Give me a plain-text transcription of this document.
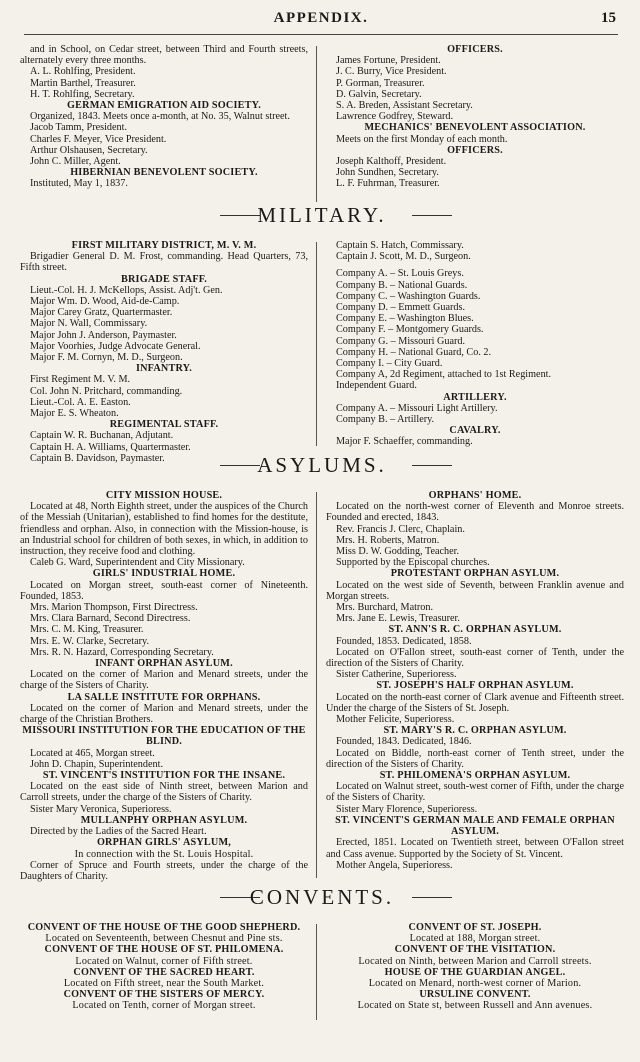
APPENDIX.	15
and in School, on Cedar street, between Third and Fourth streets, alternately every three months.
A. L. Rohlfing, President.
Martin Barthel, Treasurer.
H. T. Rohlfing, Secretary.
GERMAN EMIGRATION AID SOCIETY.
Organized, 1843. Meets once a-month, at No. 35, Walnut street.
Jacob Tamm, President.
Charles F. Meyer, Vice President.
Arthur Olshausen, Secretary.
John C. Miller, Agent.
HIBERNIAN BENEVOLENT SOCIETY.
Instituted, May 1, 1837.
OFFICERS.
James Fortune, President.
J. C. Burry, Vice President.
P. Gorman, Treasurer.
D. Galvin, Secretary.
S. A. Breden, Assistant Secretary.
Lawrence Godfrey, Steward.
MECHANICS' BENEVOLENT ASSOCIATION.
Meets on the first Monday of each month.
OFFICERS.
Joseph Kalthoff, President.
John Sundhen, Secretary.
L. F. Fuhrman, Treasurer.
MILITARY.
FIRST MILITARY DISTRICT, M. V. M.
Brigadier General D. M. Frost, commanding. Head Quarters, 73, Fifth street.
BRIGADE STAFF.
Lieut.-Col. H. J. McKellops, Assist. Adj't. Gen.
Major Wm. D. Wood, Aid-de-Camp.
Major Carey Gratz, Quartermaster.
Major N. Wall, Commissary.
Major John J. Anderson, Paymaster.
Major Voorhies, Judge Advocate General.
Major F. M. Cornyn, M. D., Surgeon.
INFANTRY.
First Regiment M. V. M.
Col. John N. Pritchard, commanding.
Lieut.-Col. A. E. Easton.
Major E. S. Wheaton.
REGIMENTAL STAFF.
Captain W. R. Buchanan, Adjutant.
Captain H. A. Williams, Quartermaster.
Captain B. Davidson, Paymaster.
Captain S. Hatch, Commissary.
Captain J. Scott, M. D., Surgeon.
Company A. – St. Louis Greys.
Company B. – National Guards.
Company C. – Washington Guards.
Company D. – Emmett Guards.
Company E. – Washington Blues.
Company F. – Montgomery Guards.
Company G. – Missouri Guard.
Company H. – National Guard, Co. 2.
Company I. – City Guard.
Company A, 2d Regiment, attached to 1st Regiment.
Independent Guard.
ARTILLERY.
Company A. – Missouri Light Artillery.
Company B. – Artillery.
CAVALRY.
Major F. Schaeffer, commanding.
ASYLUMS.
CITY MISSION HOUSE.
Located at 48, North Eighth street, under the auspices of the Church of the Messiah (Unitarian), established to find homes for the destitute, friendless and orphan. Also, in connection with the Mission-house, is an Industrial school for children of both sexes, in which, in addition to instruction, they receive food and clothing.
Caleb G. Ward, Superintendent and City Missionary.
GIRLS' INDUSTRIAL HOME.
Located on Morgan street, south-east corner of Nineteenth. Founded, 1853.
Mrs. Marion Thompson, First Directress.
Mrs. Clara Barnard, Second Directress.
Mrs. C. M. King, Treasurer.
Mrs. E. W. Clarke, Secretary.
Mrs. R. N. Hazard, Corresponding Secretary.
INFANT ORPHAN ASYLUM.
Located on the corner of Marion and Menard streets, under the charge of the Sisters of Charity.
LA SALLE INSTITUTE FOR ORPHANS.
Located on the corner of Marion and Menard streets, under the charge of the Christian Brothers.
MISSOURI INSTITUTION FOR THE EDUCATION OF THE BLIND.
Located at 465, Morgan street.
John D. Chapin, Superintendent.
ST. VINCENT'S INSTITUTION FOR THE INSANE.
Located on the east side of Ninth street, between Marion and Carroll streets, under the charge of the Sisters of Charity.
Sister Mary Veronica, Superioress.
MULLANPHY ORPHAN ASYLUM.
Directed by the Ladies of the Sacred Heart.
ORPHAN GIRLS' ASYLUM,
In connection with the St. Louis Hospital.
Corner of Spruce and Fourth streets, under the charge of the Daughters of Charity.
ORPHANS' HOME.
Located on the north-west corner of Eleventh and Monroe streets. Founded and erected, 1843.
Rev. Francis J. Clerc, Chaplain.
Mrs. H. Roberts, Matron.
Miss D. W. Godding, Teacher.
Supported by the Episcopal churches.
PROTESTANT ORPHAN ASYLUM.
Located on the west side of Seventh, between Franklin avenue and Morgan streets.
Mrs. Burchard, Matron.
Mrs. Jane E. Lewis, Treasurer.
ST. ANN'S R. C. ORPHAN ASYLUM.
Founded, 1853. Dedicated, 1858.
Located on O'Fallon street, south-east corner of Tenth, under the direction of the Sisters of Charity.
Sister Catherine, Superioress.
ST. JOSEPH'S HALF ORPHAN ASYLUM.
Located on the north-east corner of Clark avenue and Fifteenth street. Under the charge of the Sisters of St. Joseph.
Mother Felicite, Superioress.
ST. MARY'S R. C. ORPHAN ASYLUM.
Founded, 1843. Dedicated, 1846.
Located on Biddle, north-east corner of Tenth street, under the direction of the Sisters of Charity.
ST. PHILOMENA'S ORPHAN ASYLUM.
Located on Walnut street, south-west corner of Fifth, under the charge of the Sisters of Charity.
Sister Mary Florence, Superioress.
ST. VINCENT'S GERMAN MALE AND FEMALE ORPHAN ASYLUM.
Erected, 1851. Located on Twentieth street, between O'Fallon street and Cass avenue. Supported by the Society of St. Vincent.
Mother Angela, Superioress.
CONVENTS.
CONVENT OF THE HOUSE OF THE GOOD SHEPHERD.
Located on Seventeenth, between Chesnut and Pine sts.
CONVENT OF THE HOUSE OF ST. PHILOMENA.
Located on Walnut, corner of Fifth street.
CONVENT OF THE SACRED HEART.
Located on Fifth street, near the South Market.
CONVENT OF THE SISTERS OF MERCY.
Located on Tenth, corner of Morgan street.
CONVENT OF ST. JOSEPH.
Located at 188, Morgan street.
CONVENT OF THE VISITATION.
Located on Ninth, between Marion and Carroll streets.
HOUSE OF THE GUARDIAN ANGEL.
Located on Menard, north-west corner of Marion.
URSULINE CONVENT.
Located on State st, between Russell and Ann avenues.
